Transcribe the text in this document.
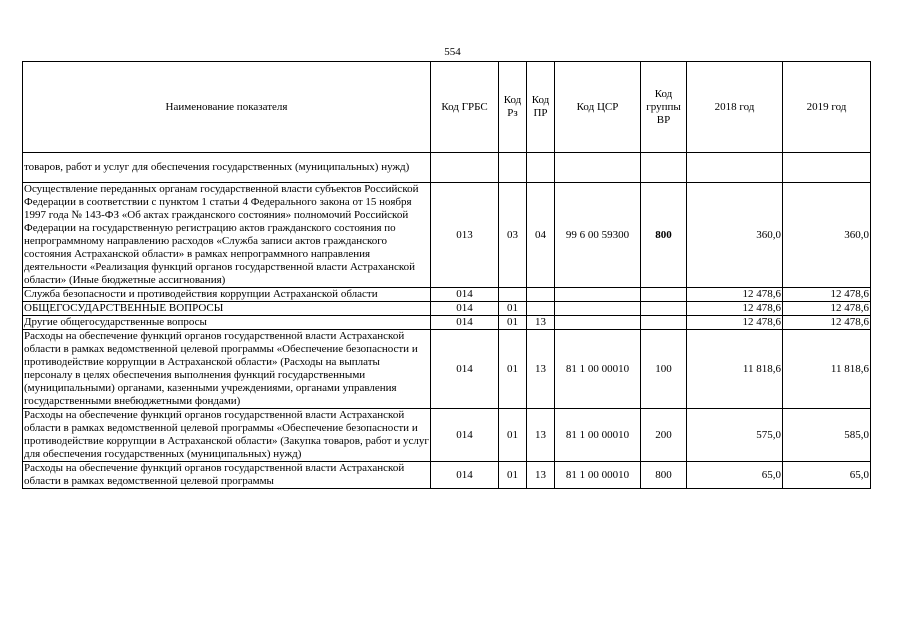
554
Наименование показателя	Код ГРБС	Код Рз	Код ПР	Код ЦСР	Код группы ВР	2018 год	2019 год
товаров, работ и услуг для обеспечения государственных (муниципальных) нужд)							
Осуществление переданных органам государственной власти субъектов Российской Федерации в соответствии с пунктом 1 статьи 4 Федерального закона от 15 ноября 1997 года № 143-ФЗ «Об актах гражданского состояния» полномочий Российской Федерации на государственную регистрацию актов гражданского состояния по непрограммному направлению расходов «Служба записи актов гражданского состояния Астраханской области» в рамках непрограммного направления деятельности «Реализация функций органов государственной власти Астраханской области» (Иные бюджетные ассигнования)	013	03	04	99 6 00 59300	800	360,0	360,0
Служба безопасности и противодействия коррупции Астраханской области	014					12 478,6	12 478,6
ОБЩЕГОСУДАРСТВЕННЫЕ ВОПРОСЫ	014	01				12 478,6	12 478,6
Другие общегосударственные вопросы	014	01	13			12 478,6	12 478,6
Расходы на обеспечение функций органов государственной власти Астраханской области в рамках ведомственной целевой программы «Обеспечение безопасности и противодействие коррупции в Астраханской области» (Расходы на выплаты персоналу в целях обеспечения выполнения функций государственными (муниципальными) органами, казенными учреждениями, органами управления государственными внебюджетными фондами)	014	01	13	81 1 00 00010	100	11 818,6	11 818,6
Расходы на обеспечение функций органов государственной власти Астраханской области в рамках ведомственной целевой программы «Обеспечение безопасности и противодействие коррупции в Астраханской области» (Закупка товаров, работ и услуг для обеспечения государственных (муниципальных) нужд)	014	01	13	81 1 00 00010	200	575,0	585,0
Расходы на обеспечение функций органов государственной власти Астраханской области в рамках ведомственной целевой программы	014	01	13	81 1 00 00010	800	65,0	65,0
